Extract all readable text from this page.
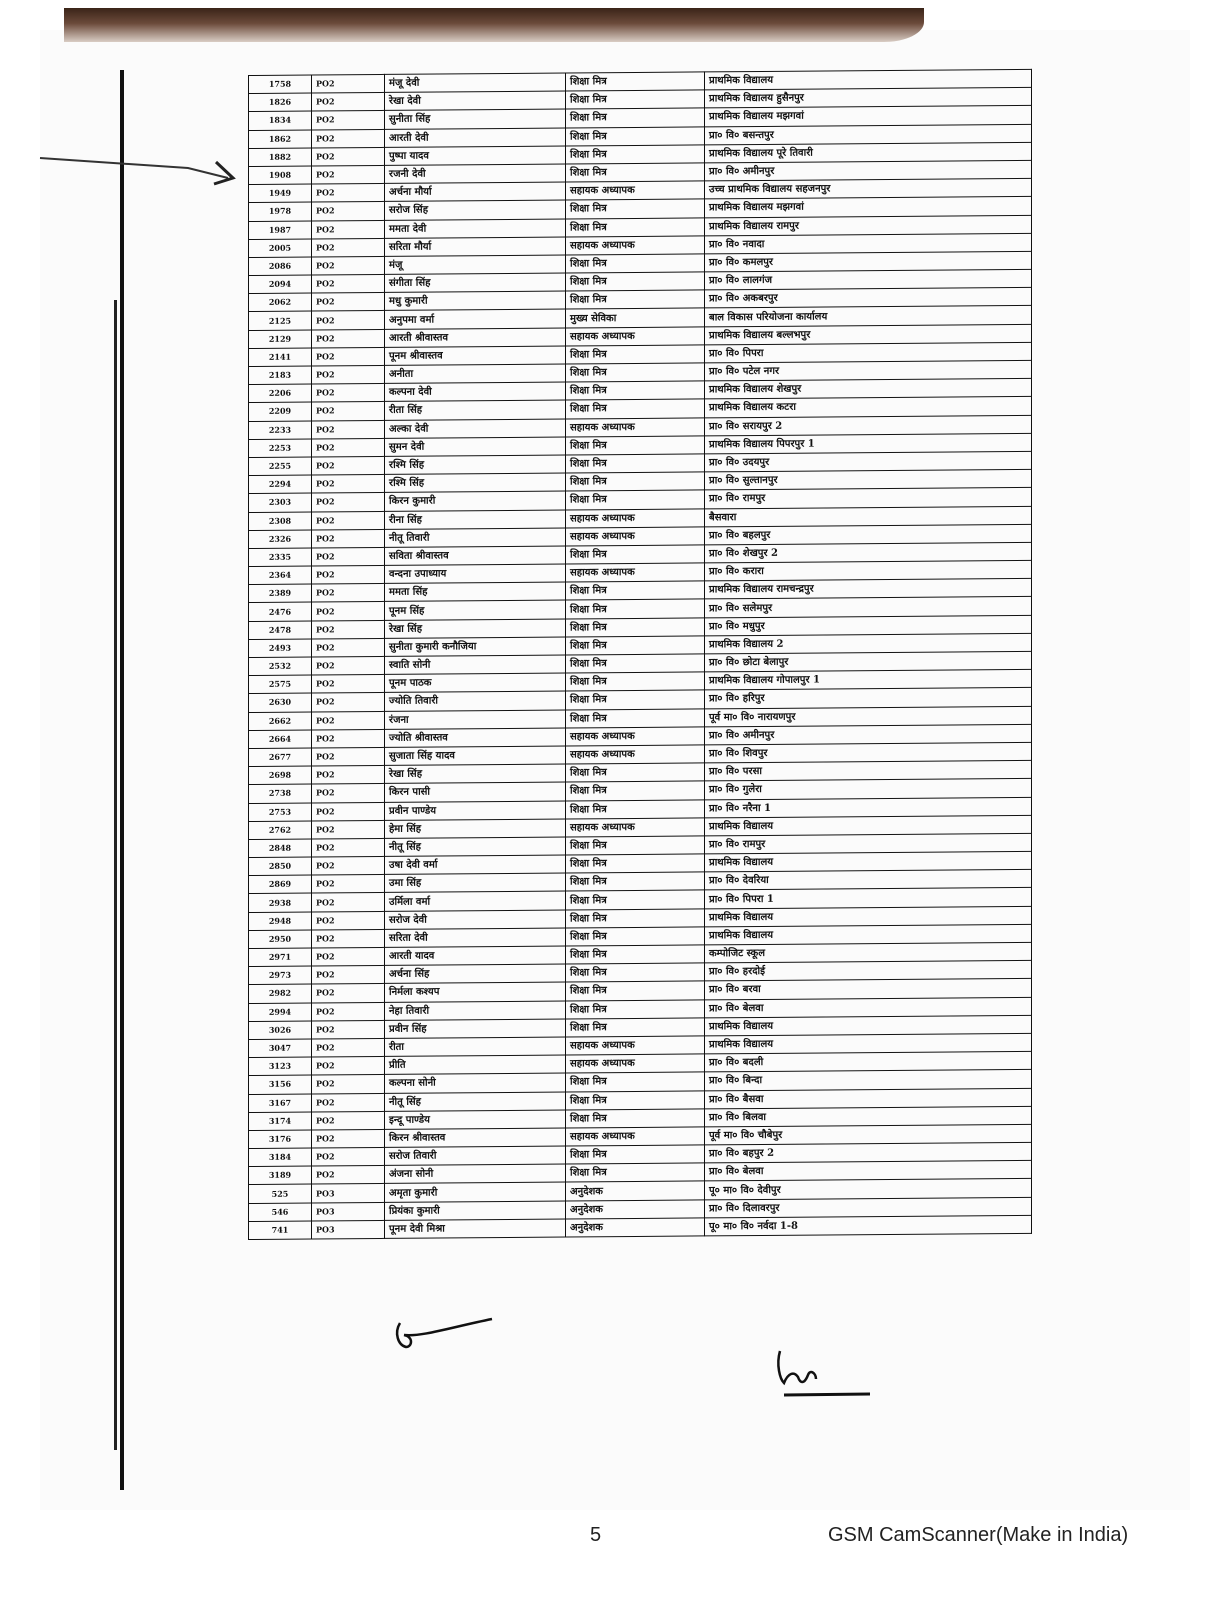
1758	PO2	मंजू देवी	शिक्षा मित्र	प्राथमिक विद्यालय
1826	PO2	रेखा देवी	शिक्षा मित्र	प्राथमिक विद्यालय हुसैनपुर
1834	PO2	सुनीता सिंह	शिक्षा मित्र	प्राथमिक विद्यालय मझगवां
1862	PO2	आरती देवी	शिक्षा मित्र	प्रा० वि० बसन्तपुर
1882	PO2	पुष्पा यादव	शिक्षा मित्र	प्राथमिक विद्यालय पूरे तिवारी
1908	PO2	रजनी देवी	शिक्षा मित्र	प्रा० वि० अमीनपुर
1949	PO2	अर्चना मौर्या	सहायक अध्यापक	उच्च प्राथमिक विद्यालय सहजनपुर
1978	PO2	सरोज सिंह	शिक्षा मित्र	प्राथमिक विद्यालय मझगवां
1987	PO2	ममता देवी	शिक्षा मित्र	प्राथमिक विद्यालय रामपुर
2005	PO2	सरिता मौर्या	सहायक अध्यापक	प्रा० वि० नवादा
2086	PO2	मंजू	शिक्षा मित्र	प्रा० वि० कमलपुर
2094	PO2	संगीता सिंह	शिक्षा मित्र	प्रा० वि० लालगंज
2062	PO2	मधु कुमारी	शिक्षा मित्र	प्रा० वि० अकबरपुर
2125	PO2	अनुपमा वर्मा	मुख्य सेविका	बाल विकास परियोजना कार्यालय
2129	PO2	आरती श्रीवास्तव	सहायक अध्यापक	प्राथमिक विद्यालय बल्लभपुर
2141	PO2	पूनम श्रीवास्तव	शिक्षा मित्र	प्रा० वि० पिपरा
2183	PO2	अनीता	शिक्षा मित्र	प्रा० वि० पटेल नगर
2206	PO2	कल्पना देवी	शिक्षा मित्र	प्राथमिक विद्यालय शेखपुर
2209	PO2	रीता सिंह	शिक्षा मित्र	प्राथमिक विद्यालय कटरा
2233	PO2	अल्का देवी	सहायक अध्यापक	प्रा० वि० सरायपुर 2
2253	PO2	सुमन देवी	शिक्षा मित्र	प्राथमिक विद्यालय पिपरपुर 1
2255	PO2	रश्मि सिंह	शिक्षा मित्र	प्रा० वि० उदयपुर
2294	PO2	रश्मि सिंह	शिक्षा मित्र	प्रा० वि० सुल्तानपुर
2303	PO2	किरन कुमारी	शिक्षा मित्र	प्रा० वि० रामपुर
2308	PO2	रीना सिंह	सहायक अध्यापक	बैसवारा
2326	PO2	नीतू तिवारी	सहायक अध्यापक	प्रा० वि० बहलपुर
2335	PO2	सविता श्रीवास्तव	शिक्षा मित्र	प्रा० वि० शेखपुर 2
2364	PO2	वन्दना उपाध्याय	सहायक अध्यापक	प्रा० वि० करारा
2389	PO2	ममता सिंह	शिक्षा मित्र	प्राथमिक विद्यालय रामचन्द्रपुर
2476	PO2	पूनम सिंह	शिक्षा मित्र	प्रा० वि० सलेमपुर
2478	PO2	रेखा सिंह	शिक्षा मित्र	प्रा० वि० मधुपुर
2493	PO2	सुनीता कुमारी कनौजिया	शिक्षा मित्र	प्राथमिक विद्यालय 2
2532	PO2	स्वाति सोनी	शिक्षा मित्र	प्रा० वि० छोटा बेलापुर
2575	PO2	पूनम पाठक	शिक्षा मित्र	प्राथमिक विद्यालय गोपालपुर 1
2630	PO2	ज्योति तिवारी	शिक्षा मित्र	प्रा० वि० हरिपुर
2662	PO2	रंजना	शिक्षा मित्र	पूर्व मा० वि० नारायणपुर
2664	PO2	ज्योति श्रीवास्तव	सहायक अध्यापक	प्रा० वि० अमीनपुर
2677	PO2	सुजाता सिंह यादव	सहायक अध्यापक	प्रा० वि० शिवपुर
2698	PO2	रेखा सिंह	शिक्षा मित्र	प्रा० वि० परसा
2738	PO2	किरन पासी	शिक्षा मित्र	प्रा० वि० गुलेरा
2753	PO2	प्रवीन पाण्डेय	शिक्षा मित्र	प्रा० वि० नरैना 1
2762	PO2	हेमा सिंह	सहायक अध्यापक	प्राथमिक विद्यालय
2848	PO2	नीतू सिंह	शिक्षा मित्र	प्रा० वि० रामपुर
2850	PO2	उषा देवी वर्मा	शिक्षा मित्र	प्राथमिक विद्यालय
2869	PO2	उमा सिंह	शिक्षा मित्र	प्रा० वि० देवरिया
2938	PO2	उर्मिला वर्मा	शिक्षा मित्र	प्रा० वि० पिपरा 1
2948	PO2	सरोज देवी	शिक्षा मित्र	प्राथमिक विद्यालय
2950	PO2	सरिता देवी	शिक्षा मित्र	प्राथमिक विद्यालय
2971	PO2	आरती यादव	शिक्षा मित्र	कम्पोजिट स्कूल
2973	PO2	अर्चना सिंह	शिक्षा मित्र	प्रा० वि० हरदोई
2982	PO2	निर्मला कश्यप	शिक्षा मित्र	प्रा० वि० बरवा
2994	PO2	नेहा तिवारी	शिक्षा मित्र	प्रा० वि० बेलवा
3026	PO2	प्रवीन सिंह	शिक्षा मित्र	प्राथमिक विद्यालय
3047	PO2	रीता	सहायक अध्यापक	प्राथमिक विद्यालय
3123	PO2	प्रीति	सहायक अध्यापक	प्रा० वि० बदली
3156	PO2	कल्पना सोनी	शिक्षा मित्र	प्रा० वि० बिन्दा
3167	PO2	नीतू सिंह	शिक्षा मित्र	प्रा० वि० बैसवा
3174	PO2	इन्दू पाण्डेय	शिक्षा मित्र	प्रा० वि० बिलवा
3176	PO2	किरन श्रीवास्तव	सहायक अध्यापक	पूर्व मा० वि० चौबेपुर
3184	PO2	सरोज तिवारी	शिक्षा मित्र	प्रा० वि० बहपुर 2
3189	PO2	अंजना सोनी	शिक्षा मित्र	प्रा० वि० बेलवा
525	PO3	अमृता कुमारी	अनुदेशक	पू० मा० वि० देवीपुर
546	PO3	प्रियंका कुमारी	अनुदेशक	प्रा० वि० दिलावरपुर
741	PO3	पूनम देवी मिश्रा	अनुदेशक	पू० मा० वि० नर्वदा 1-8
5	GSM CamScanner(Make in India)
